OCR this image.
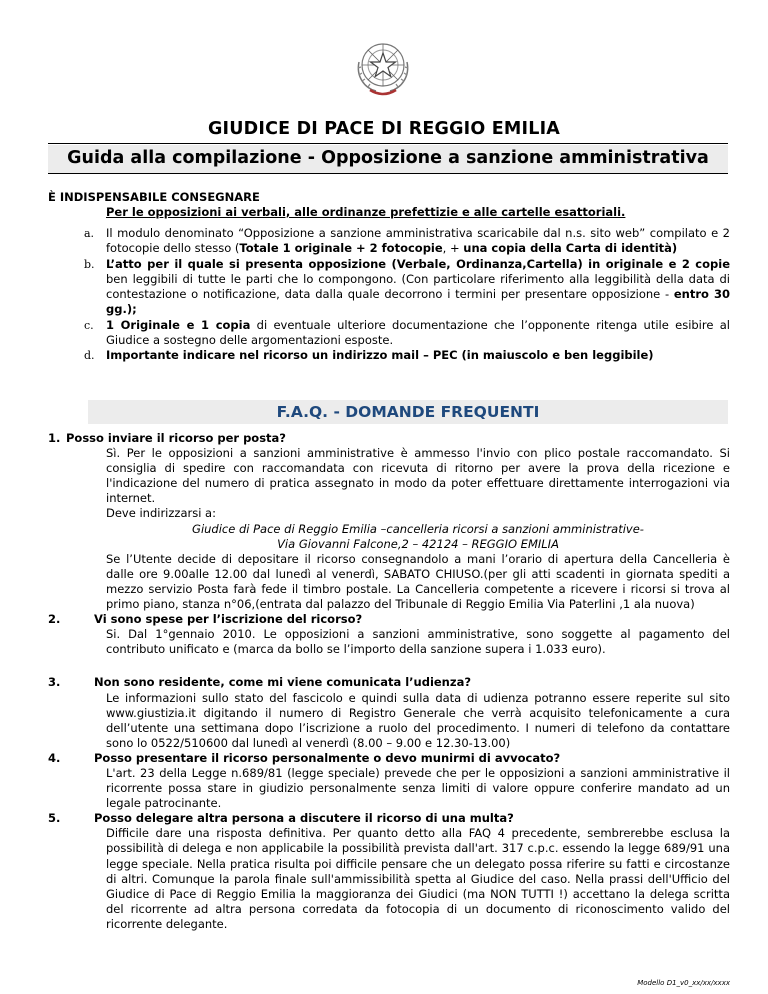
GIUDICE DI PACE DI REGGIO EMILIA
Guida alla compilazione - Opposizione a sanzione amministrativa
È INDISPENSABILE CONSEGNARE
Per le opposizioni ai verbali, alle ordinanze prefettizie e alle cartelle esattoriali.
a. Il modulo denominato “Opposizione a sanzione amministrativa scaricabile dal n.s. sito web” compilato e 2 fotocopie dello stesso (Totale 1 originale + 2 fotocopie, + una copia della Carta di identità)
b. L’atto per il quale si presenta opposizione (Verbale, Ordinanza,Cartella) in originale e 2 copie ben leggibili di tutte le parti che lo compongono. (Con particolare riferimento alla leggibilità della data di contestazione o notificazione, data dalla quale decorrono i termini per presentare opposizione - entro 30 gg.);
c. 1 Originale e 1 copia di eventuale ulteriore documentazione che l’opponente ritenga utile esibire al Giudice a sostegno delle argomentazioni esposte.
d. Importante indicare nel ricorso un indirizzo mail – PEC (in maiuscolo e ben leggibile)
F.A.Q. - DOMANDE FREQUENTI
1. Posso inviare il ricorso per posta?
Sì. Per le opposizioni a sanzioni amministrative è ammesso l'invio con plico postale raccomandato. Si consiglia di spedire con raccomandata con ricevuta di ritorno per avere la prova della ricezione e l'indicazione del numero di pratica assegnato in modo da poter effettuare direttamente interrogazioni via internet.
Deve indirizzarsi a:
Giudice di Pace di Reggio Emilia –cancelleria ricorsi a sanzioni amministrative-
Via Giovanni Falcone,2 – 42124 – REGGIO EMILIA
Se l’Utente decide di depositare il ricorso consegnandolo a mani l’orario di apertura della Cancelleria è dalle ore 9.00alle 12.00 dal lunedì al venerdì, SABATO CHIUSO.(per gli atti scadenti in giornata spediti a mezzo servizio Posta farà fede il timbro postale. La Cancelleria competente a ricevere i ricorsi si trova al primo piano, stanza n°06,(entrata dal palazzo del Tribunale di Reggio Emilia Via Paterlini ,1 ala nuova)
2.	Vi sono spese per l’iscrizione del ricorso?
Si. Dal 1°gennaio 2010. Le opposizioni a sanzioni amministrative, sono soggette al pagamento del contributo unificato e (marca da bollo se l’importo della sanzione supera i 1.033 euro).
3.	Non sono residente, come mi viene comunicata l’udienza?
Le informazioni sullo stato del fascicolo e quindi sulla data di udienza potranno essere reperite sul sito www.giustizia.it digitando il numero di Registro Generale che verrà acquisito telefonicamente a cura dell’utente una settimana dopo l’iscrizione a ruolo del procedimento. I numeri di telefono da contattare sono lo 0522/510600 dal lunedì al venerdì (8.00 – 9.00 e 12.30-13.00)
4.	Posso presentare il ricorso personalmente o devo munirmi di avvocato?
L'art. 23 della Legge n.689/81 (legge speciale) prevede che per le opposizioni a sanzioni amministrative il ricorrente possa stare in giudizio personalmente senza limiti di valore oppure conferire mandato ad un legale patrocinante.
5.	Posso delegare altra persona a discutere il ricorso di una multa?
Difficile dare una risposta definitiva. Per quanto detto alla FAQ 4 precedente, sembrerebbe esclusa la possibilità di delega e non applicabile la possibilità prevista dall'art. 317 c.p.c. essendo la legge 689/91 una legge speciale. Nella pratica risulta poi difficile pensare che un delegato possa riferire su fatti e circostanze di altri. Comunque la parola finale sull'ammissibilità spetta al Giudice del caso. Nella prassi dell'Ufficio del Giudice di Pace di Reggio Emilia la maggioranza dei Giudici (ma NON TUTTI !) accettano la delega scritta del ricorrente ad altra persona corredata da fotocopia di un documento di riconoscimento valido del ricorrente delegante.
Modello D1_v0_xx/xx/xxxx
